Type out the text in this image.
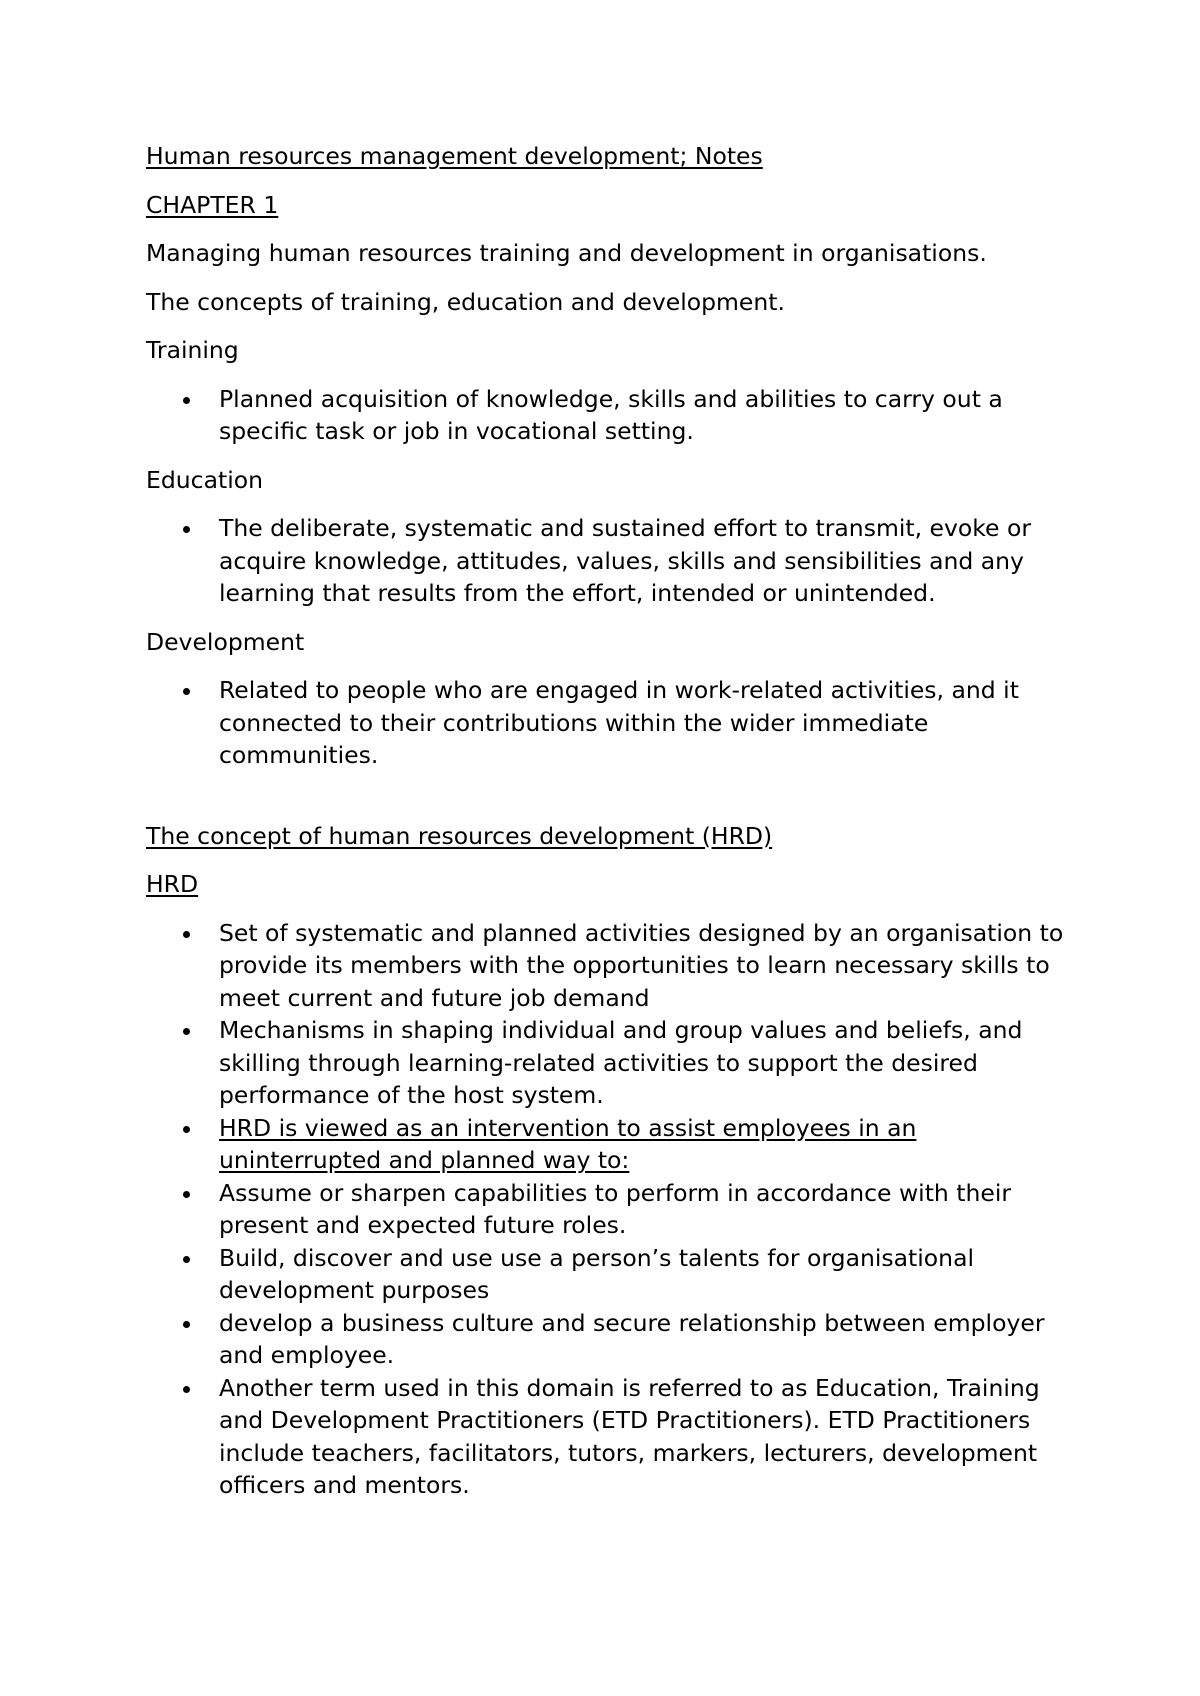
Human resources management development; Notes

CHAPTER 1

Managing human resources training and development in organisations.

The concepts of training, education and development.

Training

Planned acquisition of knowledge, skills and abilities to carry out a specific task or job in vocational setting.

Education

The deliberate, systematic and sustained effort to transmit, evoke or acquire knowledge, attitudes, values, skills and sensibilities and any learning that results from the effort, intended or unintended.

Development

Related to people who are engaged in work-related activities, and it connected to their contributions within the wider immediate communities.

The concept of human resources development (HRD)

HRD

Set of systematic and planned activities designed by an organisation to provide its members with the opportunities to learn necessary skills to meet current and future job demand
Mechanisms in shaping individual and group values and beliefs, and skilling through learning-related activities to support the desired performance of the host system.
HRD is viewed as an intervention to assist employees in an uninterrupted and planned way to:
Assume or sharpen capabilities to perform in accordance with their present and expected future roles.
Build, discover and use use a person’s talents for organisational development purposes
develop a business culture and secure relationship between employer and employee.
Another term used in this domain is referred to as Education, Training and Development Practitioners (ETD Practitioners). ETD Practitioners include teachers, facilitators, tutors, markers, lecturers, development officers and mentors.
